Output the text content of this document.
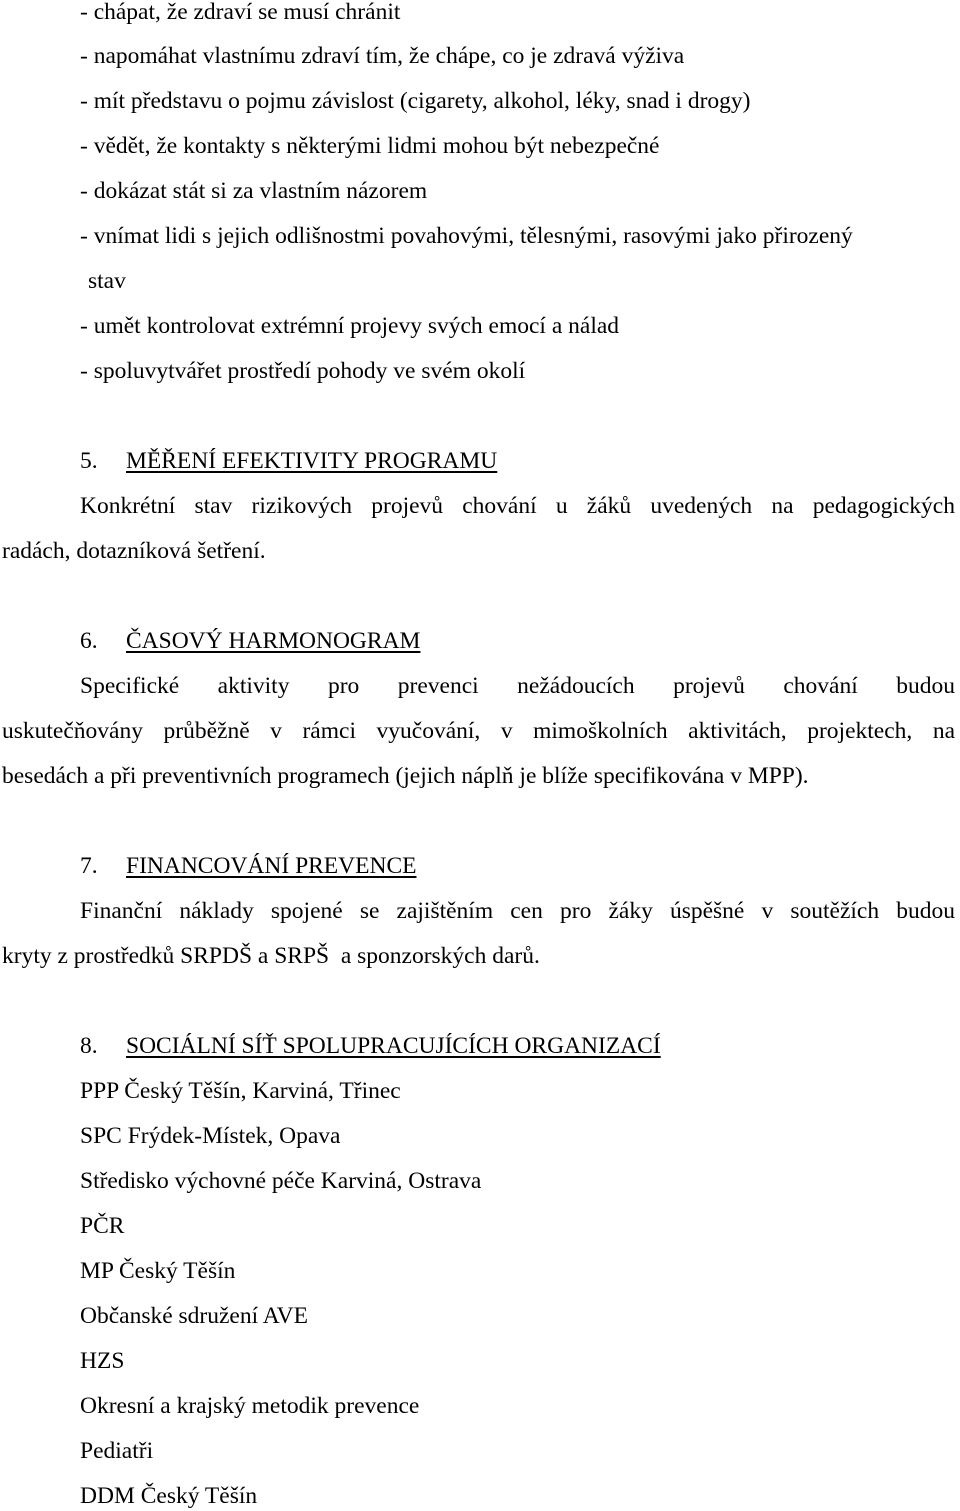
- chápat, že zdraví se musí chránit
- napomáhat vlastnímu zdraví tím, že chápe, co je zdravá výživa
- mít představu o pojmu závislost (cigarety, alkohol, léky, snad i drogy)
- vědět, že kontakty s některými lidmi mohou být nebezpečné
- dokázat stát si za vlastním názorem
- vnímat lidi s jejich odlišnostmi povahovými, tělesnými, rasovými jako přirozený
stav
- umět kontrolovat extrémní projevy svých emocí a nálad
- spoluvytvářet prostředí pohody ve svém okolí
5. MĚŘENÍ EFEKTIVITY PROGRAMU
Konkrétní stav rizikových projevů chování u žáků uvedených na pedagogických
radách, dotazníková šetření.
6. ČASOVÝ HARMONOGRAM
Specifické aktivity pro prevenci nežádoucích projevů chování budou
uskutečňovány průběžně v rámci vyučování, v mimoškolních aktivitách, projektech, na
besedách a při preventivních programech (jejich náplň je blíže specifikována v MPP).
7. FINANCOVÁNÍ PREVENCE
Finanční náklady spojené se zajištěním cen pro žáky úspěšné v soutěžích budou
kryty z prostředků SRPDŠ a SRPŠ  a sponzorských darů.
8. SOCIÁLNÍ SÍŤ SPOLUPRACUJÍCÍCH ORGANIZACÍ
PPP Český Těšín, Karviná, Třinec
SPC Frýdek-Místek, Opava
Středisko výchovné péče Karviná, Ostrava
PČR
MP Český Těšín
Občanské sdružení AVE
HZS
Okresní a krajský metodik prevence
Pediatři
DDM Český Těšín
